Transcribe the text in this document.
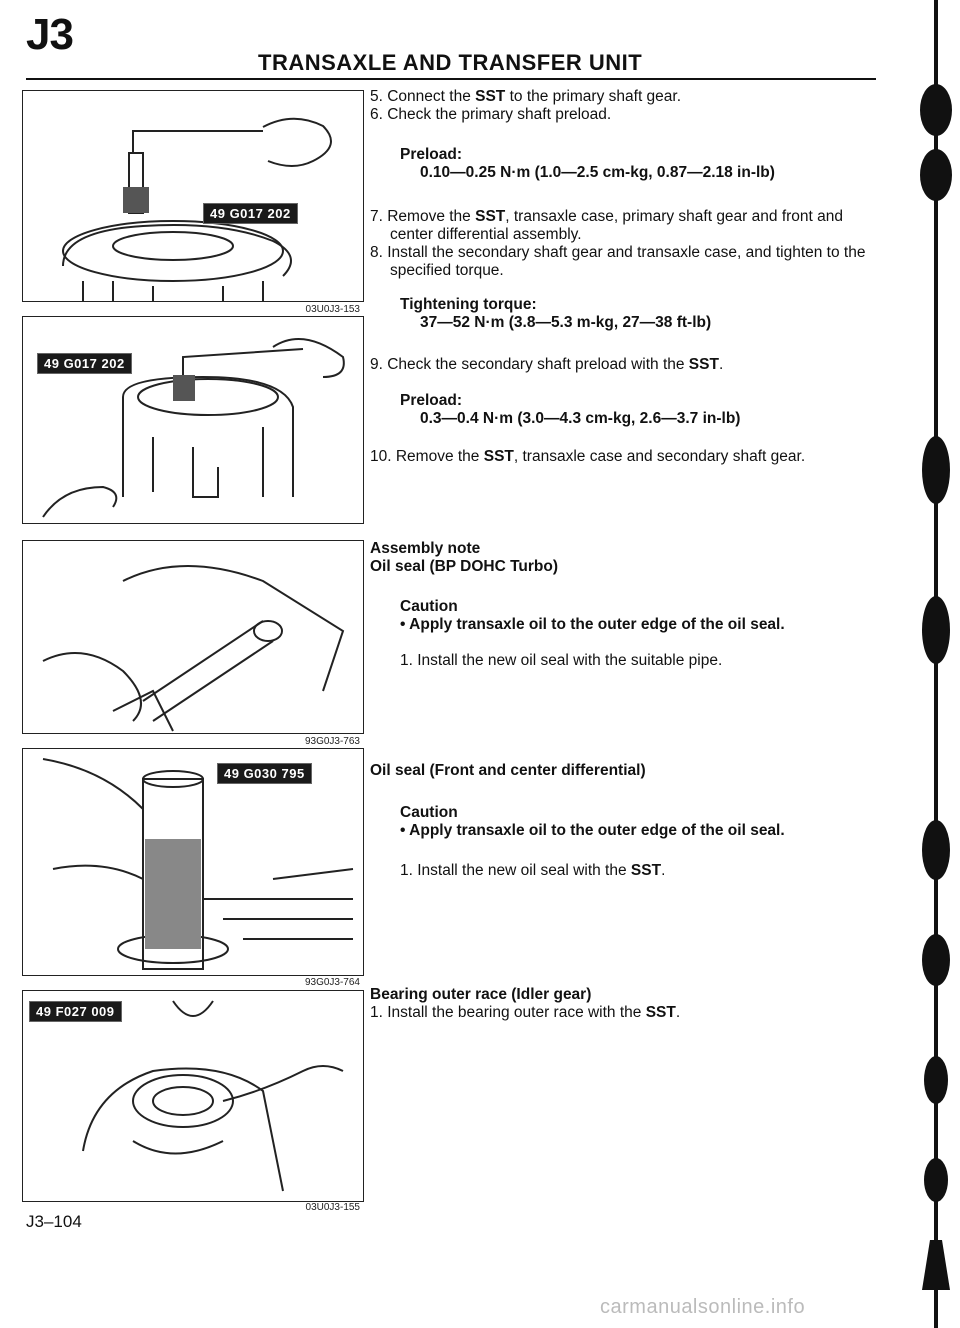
J3
TRANSAXLE AND TRANSFER UNIT
49 G017 202
03U0J3-153
49 G017 202
93G0J3-763
49 G030 795
93G0J3-764
49 F027 009
03U0J3-155

5. Connect the SST to the primary shaft gear.

6. Check the primary shaft preload.

Preload:

0.10—0.25 N·m (1.0—2.5 cm-kg, 0.87—2.18 in-lb)

7. Remove the SST, transaxle case, primary shaft gear and front and center differential assembly.

8. Install the secondary shaft gear and transaxle case, and tighten to the specified torque.

Tightening torque:

37—52 N·m (3.8—5.3 m-kg, 27—38 ft-lb)

9. Check the secondary shaft preload with the SST.

Preload:

0.3—0.4 N·m (3.0—4.3 cm-kg, 2.6—3.7 in-lb)

10. Remove the SST, transaxle case and secondary shaft gear.

Assembly note

Oil seal (BP DOHC Turbo)

Caution

• Apply transaxle oil to the outer edge of the oil seal.

1. Install the new oil seal with the suitable pipe.

Oil seal (Front and center differential)

Caution

• Apply transaxle oil to the outer edge of the oil seal.

1. Install the new oil seal with the SST.

Bearing outer race (Idler gear)

1. Install the bearing outer race with the SST.

J3–104
carmanualsonline.info
